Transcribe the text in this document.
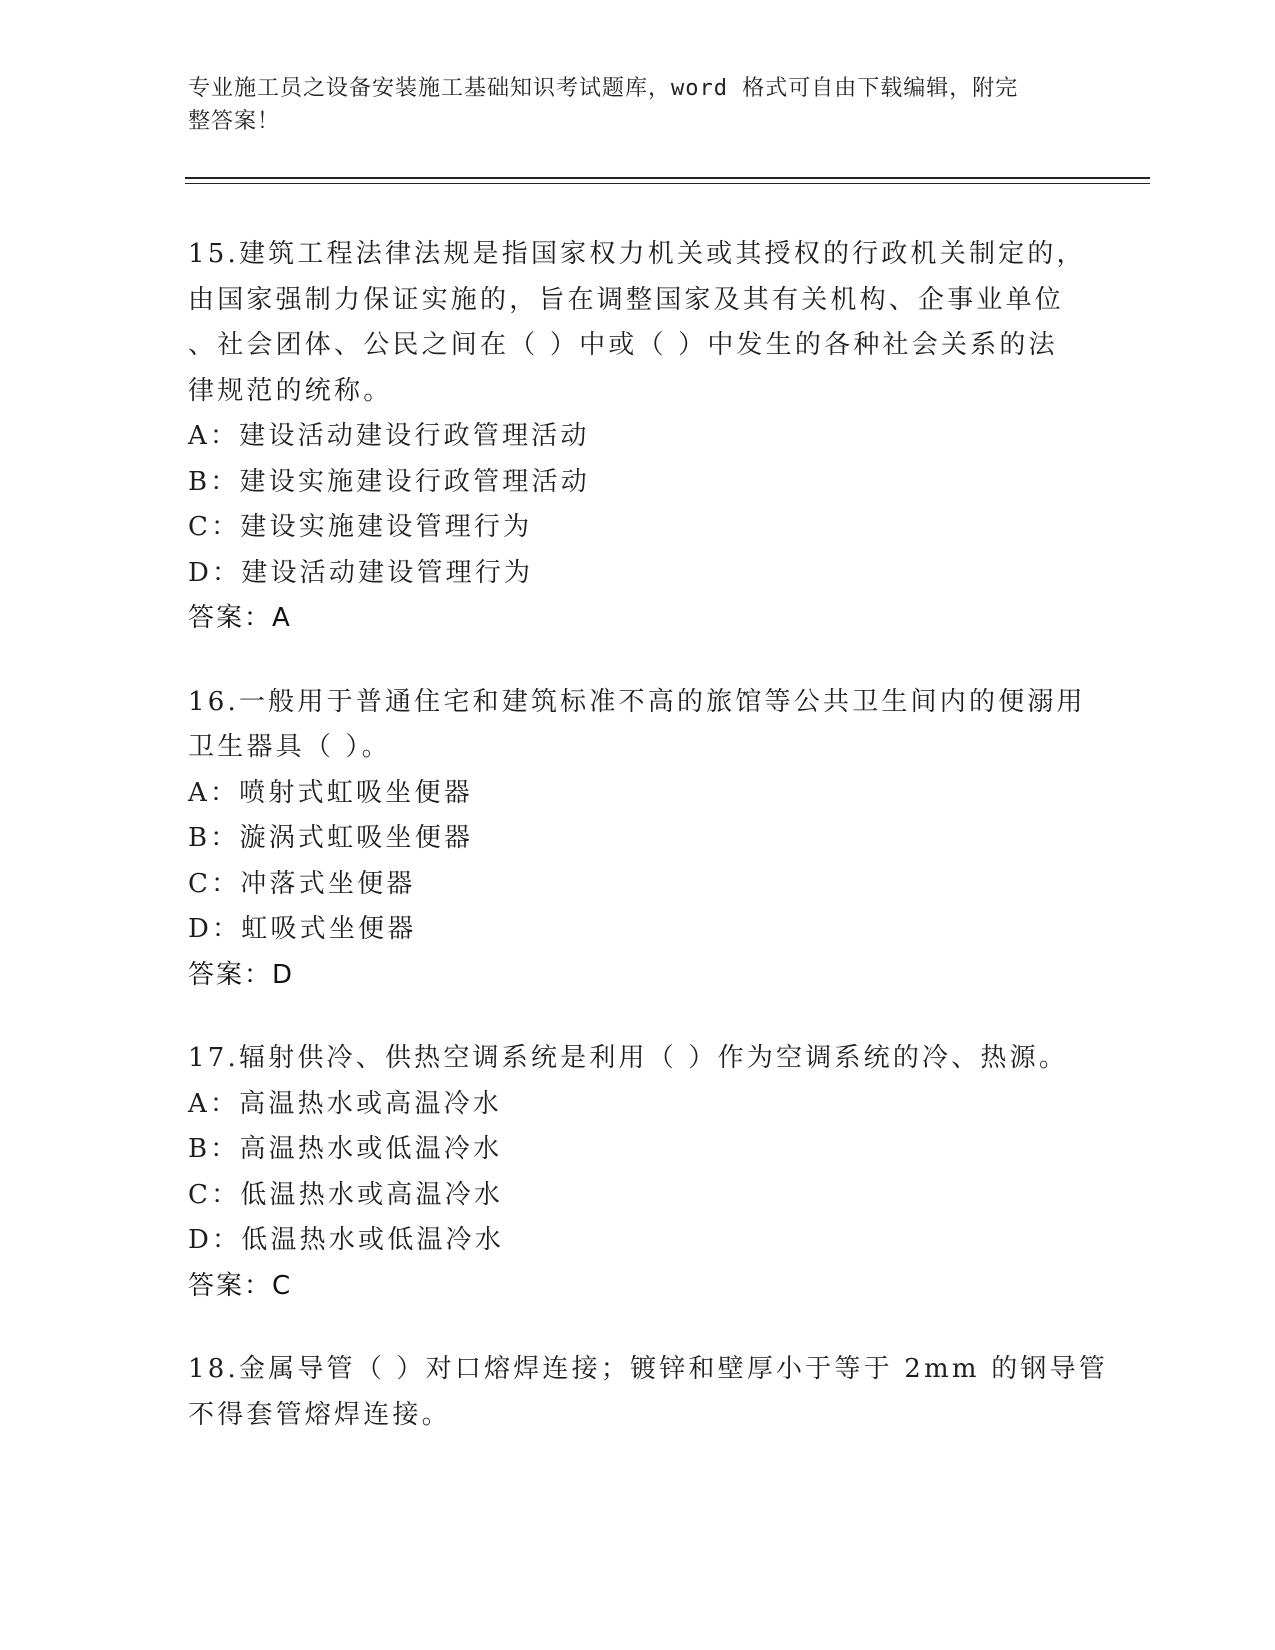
专业施工员之设备安装施工基础知识考试题库，word 格式可自由下载编辑，附完
整答案！
15.建筑工程法律法规是指国家权力机关或其授权的行政机关制定的，
由国家强制力保证实施的，旨在调整国家及其有关机构、企事业单位
、社会团体、公民之间在（ ）中或（ ）中发生的各种社会关系的法
律规范的统称。
A：建设活动建设行政管理活动
B：建设实施建设行政管理活动
C：建设实施建设管理行为
D：建设活动建设管理行为
答案：A
16.一般用于普通住宅和建筑标准不高的旅馆等公共卫生间内的便溺用
卫生器具（ ）。
A：喷射式虹吸坐便器
B：漩涡式虹吸坐便器
C：冲落式坐便器
D：虹吸式坐便器
答案：D
17.辐射供冷、供热空调系统是利用（ ）作为空调系统的冷、热源。
A：高温热水或高温冷水
B：高温热水或低温冷水
C：低温热水或高温冷水
D：低温热水或低温冷水
答案：C
18.金属导管（ ）对口熔焊连接；镀锌和壁厚小于等于 2mm 的钢导管
不得套管熔焊连接。
